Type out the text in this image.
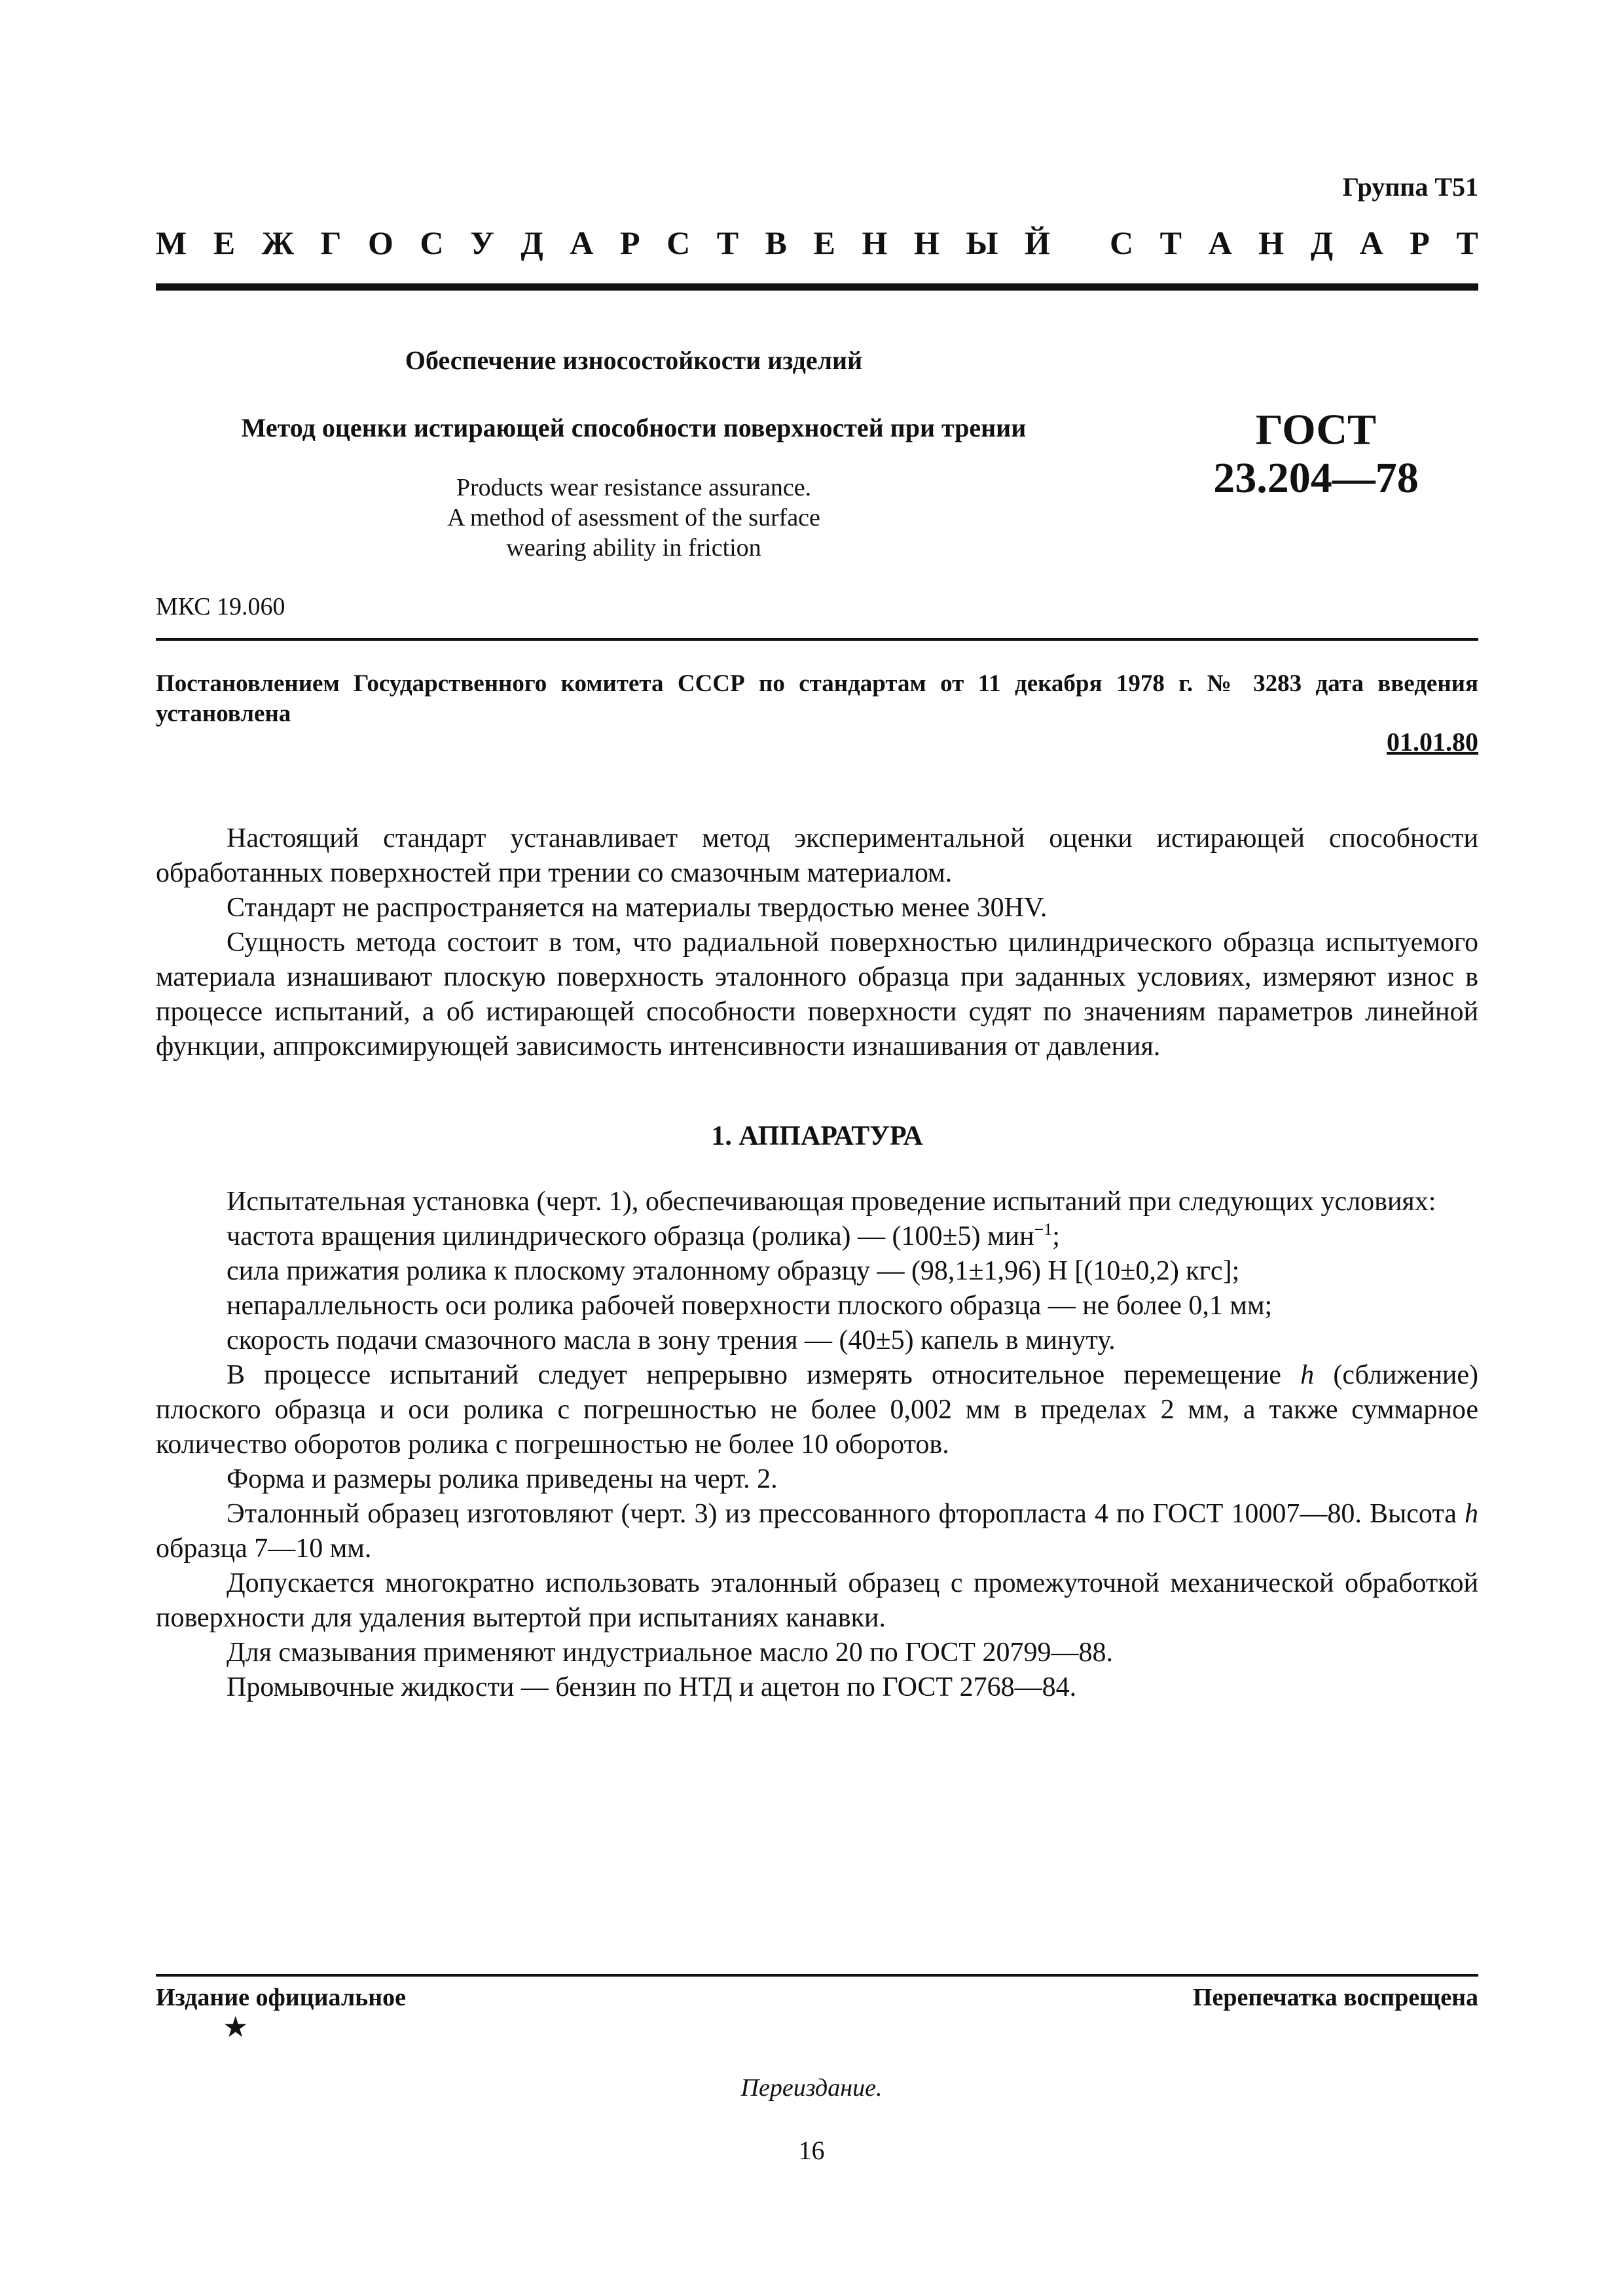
Группа Т51
М Е Ж Г О С У Д А Р С Т В Е Н Н Ы Й С Т А Н Д А Р Т
Обеспечение износостойкости изделий
Метод оценки истирающей способности поверхностей при трении
Products wear resistance assurance.
A method of asessment of the surface
wearing ability in friction
ГОСТ
23.204—78
МКС 19.060
Постановлением Государственного комитета СССР по стандартам от 11 декабря 1978 г. № 3283 дата введения установлена
01.01.80

Настоящий стандарт устанавливает метод экспериментальной оценки истирающей способности обработанных поверхностей при трении со смазочным материалом.

Стандарт не распространяется на материалы твердостью менее 30HV.

Сущность метода состоит в том, что радиальной поверхностью цилиндрического образца испытуемого материала изнашивают плоскую поверхность эталонного образца при заданных условиях, измеряют износ в процессе испытаний, а об истирающей способности поверхности судят по значениям параметров линейной функции, аппроксимирующей зависимость интенсивности изнашивания от давления.

1. АППАРАТУРА

Испытательная установка (черт. 1), обеспечивающая проведение испытаний при следующих условиях:

частота вращения цилиндрического образца (ролика) — (100±5) мин$^{-1}$;

сила прижатия ролика к плоскому эталонному образцу — (98,1±1,96) Н [(10±0,2) кгс];

непараллельность оси ролика рабочей поверхности плоского образца — не более 0,1 мм;

скорость подачи смазочного масла в зону трения — (40±5) капель в минуту.

В процессе испытаний следует непрерывно измерять относительное перемещение h (сближение) плоского образца и оси ролика с погрешностью не более 0,002 мм в пределах 2 мм, а также суммарное количество оборотов ролика с погрешностью не более 10 оборотов.

Форма и размеры ролика приведены на черт. 2.

Эталонный образец изготовляют (черт. 3) из прессованного фторопласта 4 по ГОСТ 10007—80. Высота h образца 7—10 мм.

Допускается многократно использовать эталонный образец с промежуточной механической обработкой поверхности для удаления вытертой при испытаниях канавки.

Для смазывания применяют индустриальное масло 20 по ГОСТ 20799—88.

Промывочные жидкости — бензин по НТД и ацетон по ГОСТ 2768—84.

Издание официальное	Перепечатка воспрещена
★
Переиздание.
16
